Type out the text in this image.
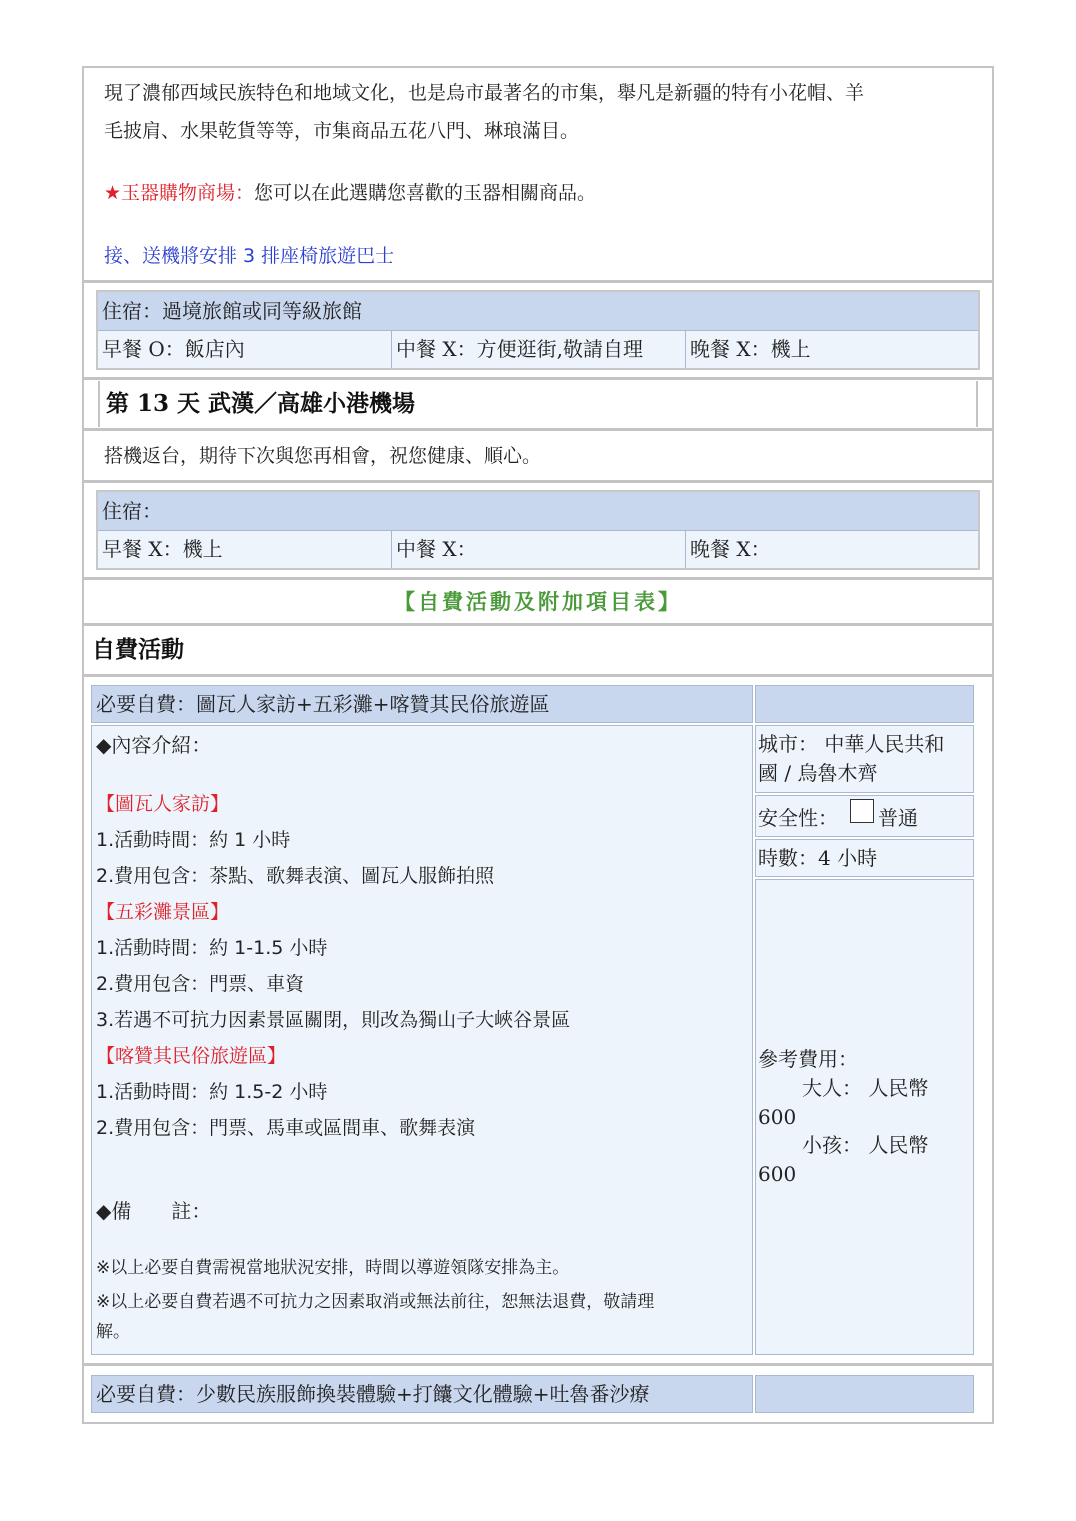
現了濃郁西域民族特色和地域文化，也是烏市最著名的市集，舉凡是新疆的特有小花帽、羊
毛披肩、水果乾貨等等，市集商品五花八門、琳琅滿目。
★玉器購物商場：您可以在此選購您喜歡的玉器相關商品。
接、送機將安排 3 排座椅旅遊巴士
住宿：過境旅館或同等級旅館
早餐 O：飯店內	中餐 X：方便逛街,敬請自理 晚餐 X：機上
第 13 天 武漢／高雄小港機場
搭機返台，期待下次與您再相會，祝您健康、順心。
住宿：
早餐 X：機上	中餐 X：	晚餐 X：
【自費活動及附加項目表】
自費活動
必要自費：圖瓦人家訪+五彩灘+喀贊其民俗旅遊區
◆內容介紹：
【圖瓦人家訪】
1.活動時間：約 1 小時
2.費用包含：茶點、歌舞表演、圖瓦人服飾拍照
【五彩灘景區】
1.活動時間：約 1-1.5 小時
2.費用包含：門票、車資
3.若遇不可抗力因素景區關閉，則改為獨山子大峽谷景區
【喀贊其民俗旅遊區】
1.活動時間：約 1.5-2 小時
2.費用包含：門票、馬車或區間車、歌舞表演
◆備　　註：
※以上必要自費需視當地狀況安排，時間以導遊領隊安排為主。
※以上必要自費若遇不可抗力之因素取消或無法前往，恕無法退費，敬請理
解。
城市： 中華人民共和
國 / 烏魯木齊
安全性： 普通
時數：4 小時
參考費用：
大人： 人民幣
600
小孩： 人民幣
600
必要自費：少數民族服飾換裝體驗+打饢文化體驗+吐魯番沙療
